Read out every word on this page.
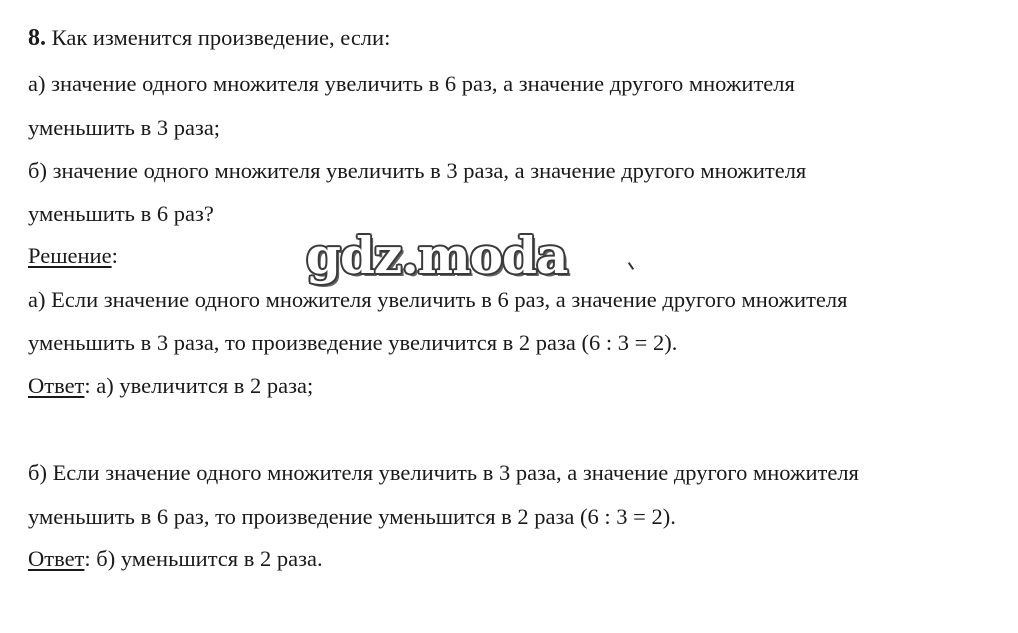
8. Как изменится произведение, если:
а) значение одного множителя увеличить в 6 раз, а значение другого множителя
уменьшить в 3 раза;
б) значение одного множителя увеличить в 3 раза, а значение другого множителя
уменьшить в 6 раз?
Решение:
а) Если значение одного множителя увеличить в 6 раз, а значение другого множителя
уменьшить в 3 раза, то произведение увеличится в 2 раза (6 : 3 = 2).
Ответ: а) увеличится в 2 раза;
б) Если значение одного множителя увеличить в 3 раза, а значение другого множителя
уменьшить в 6 раз, то произведение уменьшится в 2 раза (6 : 3 = 2).
Ответ: б) уменьшится в 2 раза.
gdz.moda
